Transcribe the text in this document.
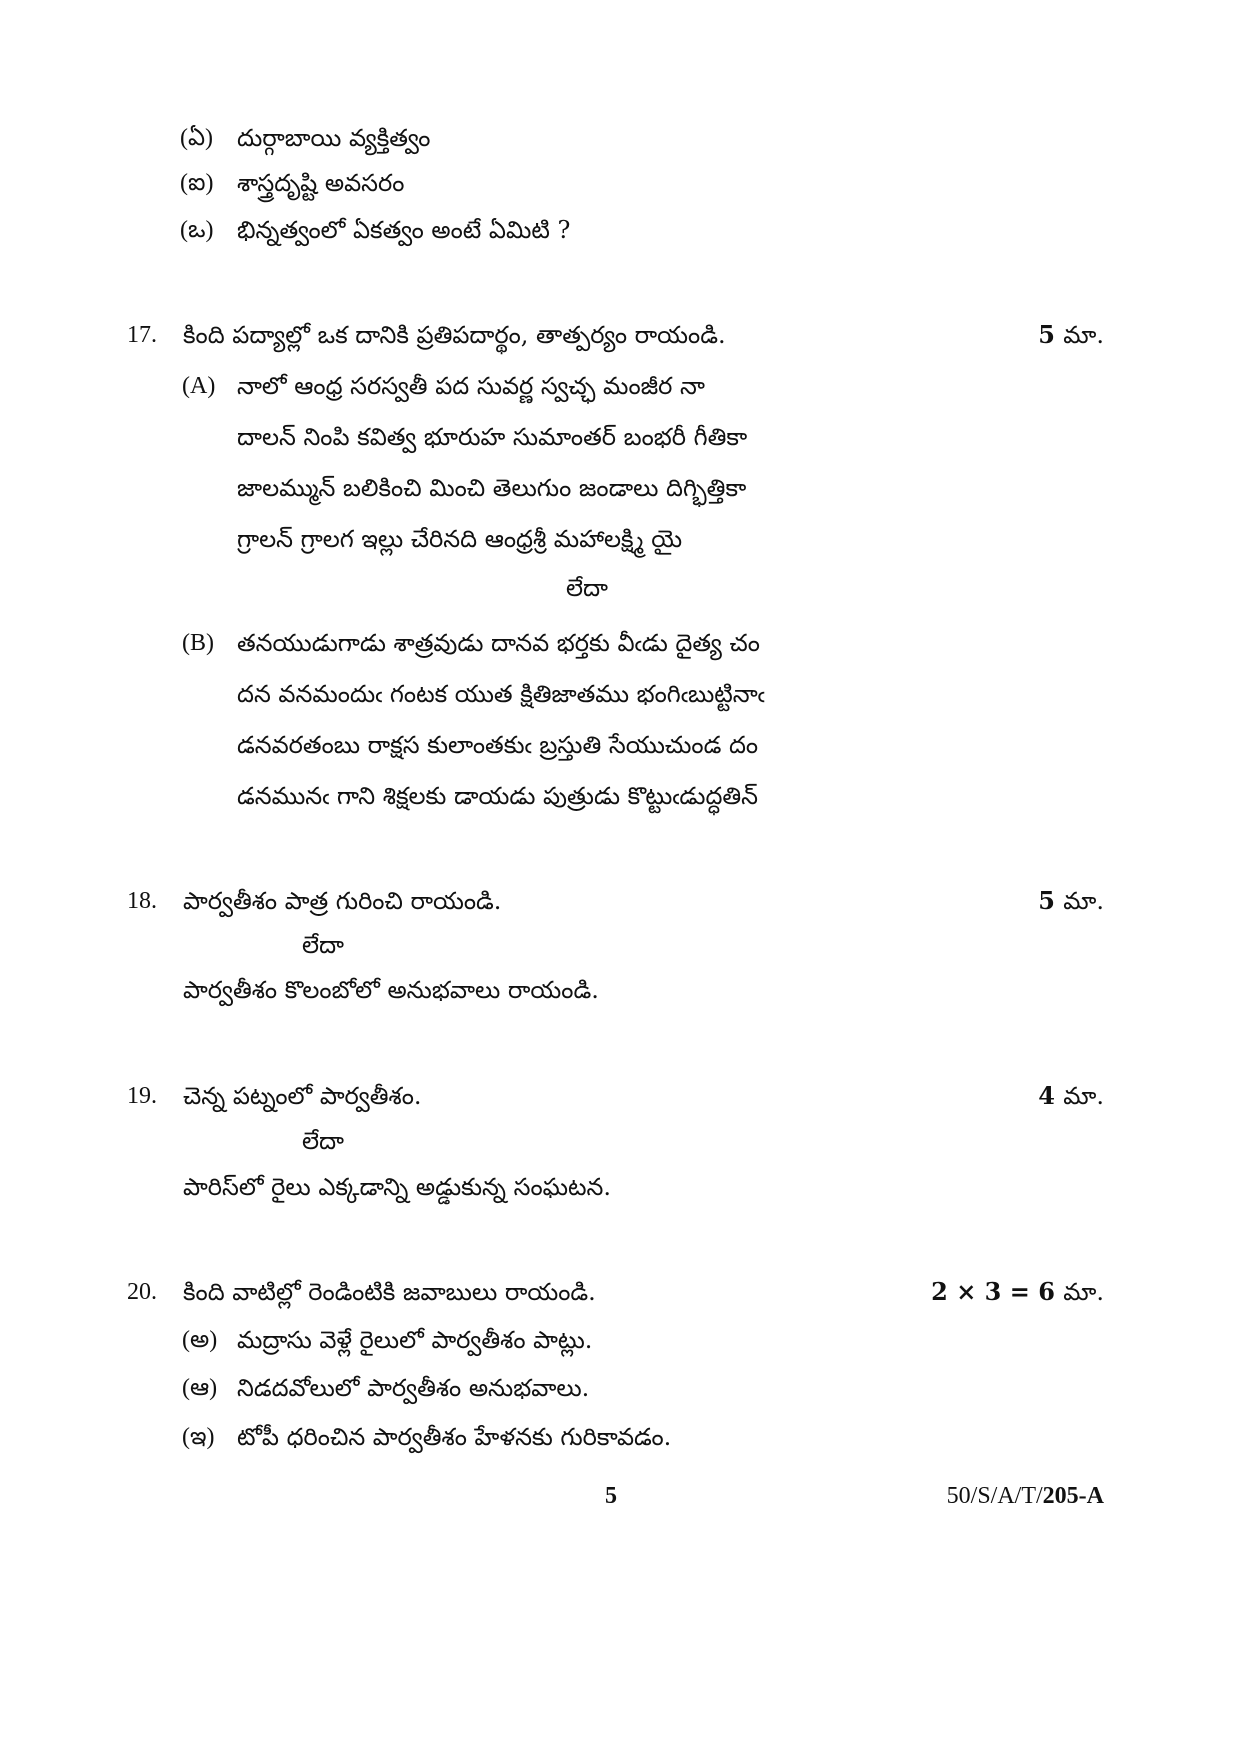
(ఏ) దుర్గాబాయి వ్యక్తిత్వం
(ఐ) శాస్త్రదృష్టి అవసరం
(ఒ) భిన్నత్వంలో ఏకత్వం అంటే ఏమిటి ?
17. కింది పద్యాల్లో ఒక దానికి ప్రతిపదార్థం, తాత్పర్యం రాయండి.	5 మా.
(A) నాలో ఆంధ్ర సరస్వతీ పద సువర్ణ స్వచ్ఛ మంజీర నా
దాలన్ నింపి కవిత్వ భూరుహ సుమాంతర్ బంభరీ గీతికా
జాలమ్మున్ బలికించి మించి తెలుగుం జండాలు దిగ్భిత్తికా
గ్రాలన్ గ్రాలగ ఇల్లు చేరినది ఆంధ్రశ్రీ మహాలక్ష్మి యై
లేదా
(B) తనయుడుగాడు శాత్రవుడు దానవ భర్తకు వీఁడు దైత్య చం
దన వనమందుఁ గంటక యుత క్షితిజాతము భంగిఁబుట్టినాఁ
డనవరతంబు రాక్షస కులాంతకుఁ బ్రస్తుతి సేయుచుండ దం
డనమునఁ గాని శిక్షలకు డాయడు పుత్రుడు కొట్టుఁడుద్ధతిన్
18. పార్వతీశం పాత్ర గురించి రాయండి.	5 మా.
లేదా
పార్వతీశం కొలంబోలో అనుభవాలు రాయండి.
19. చెన్న పట్నంలో పార్వతీశం.	4 మా.
లేదా
పారిస్‌లో రైలు ఎక్కడాన్ని అడ్డుకున్న సంఘటన.
20. కింది వాటిల్లో రెండింటికి జవాబులు రాయండి.	2 × 3 = 6 మా.
(అ) మద్రాసు వెళ్లే రైలులో పార్వతీశం పాట్లు.
(ఆ) నిడదవోలులో పార్వతీశం అనుభవాలు.
(ఇ) టోపీ ధరించిన పార్వతీశం హేళనకు గురికావడం.
5	50/S/A/T/205-A
